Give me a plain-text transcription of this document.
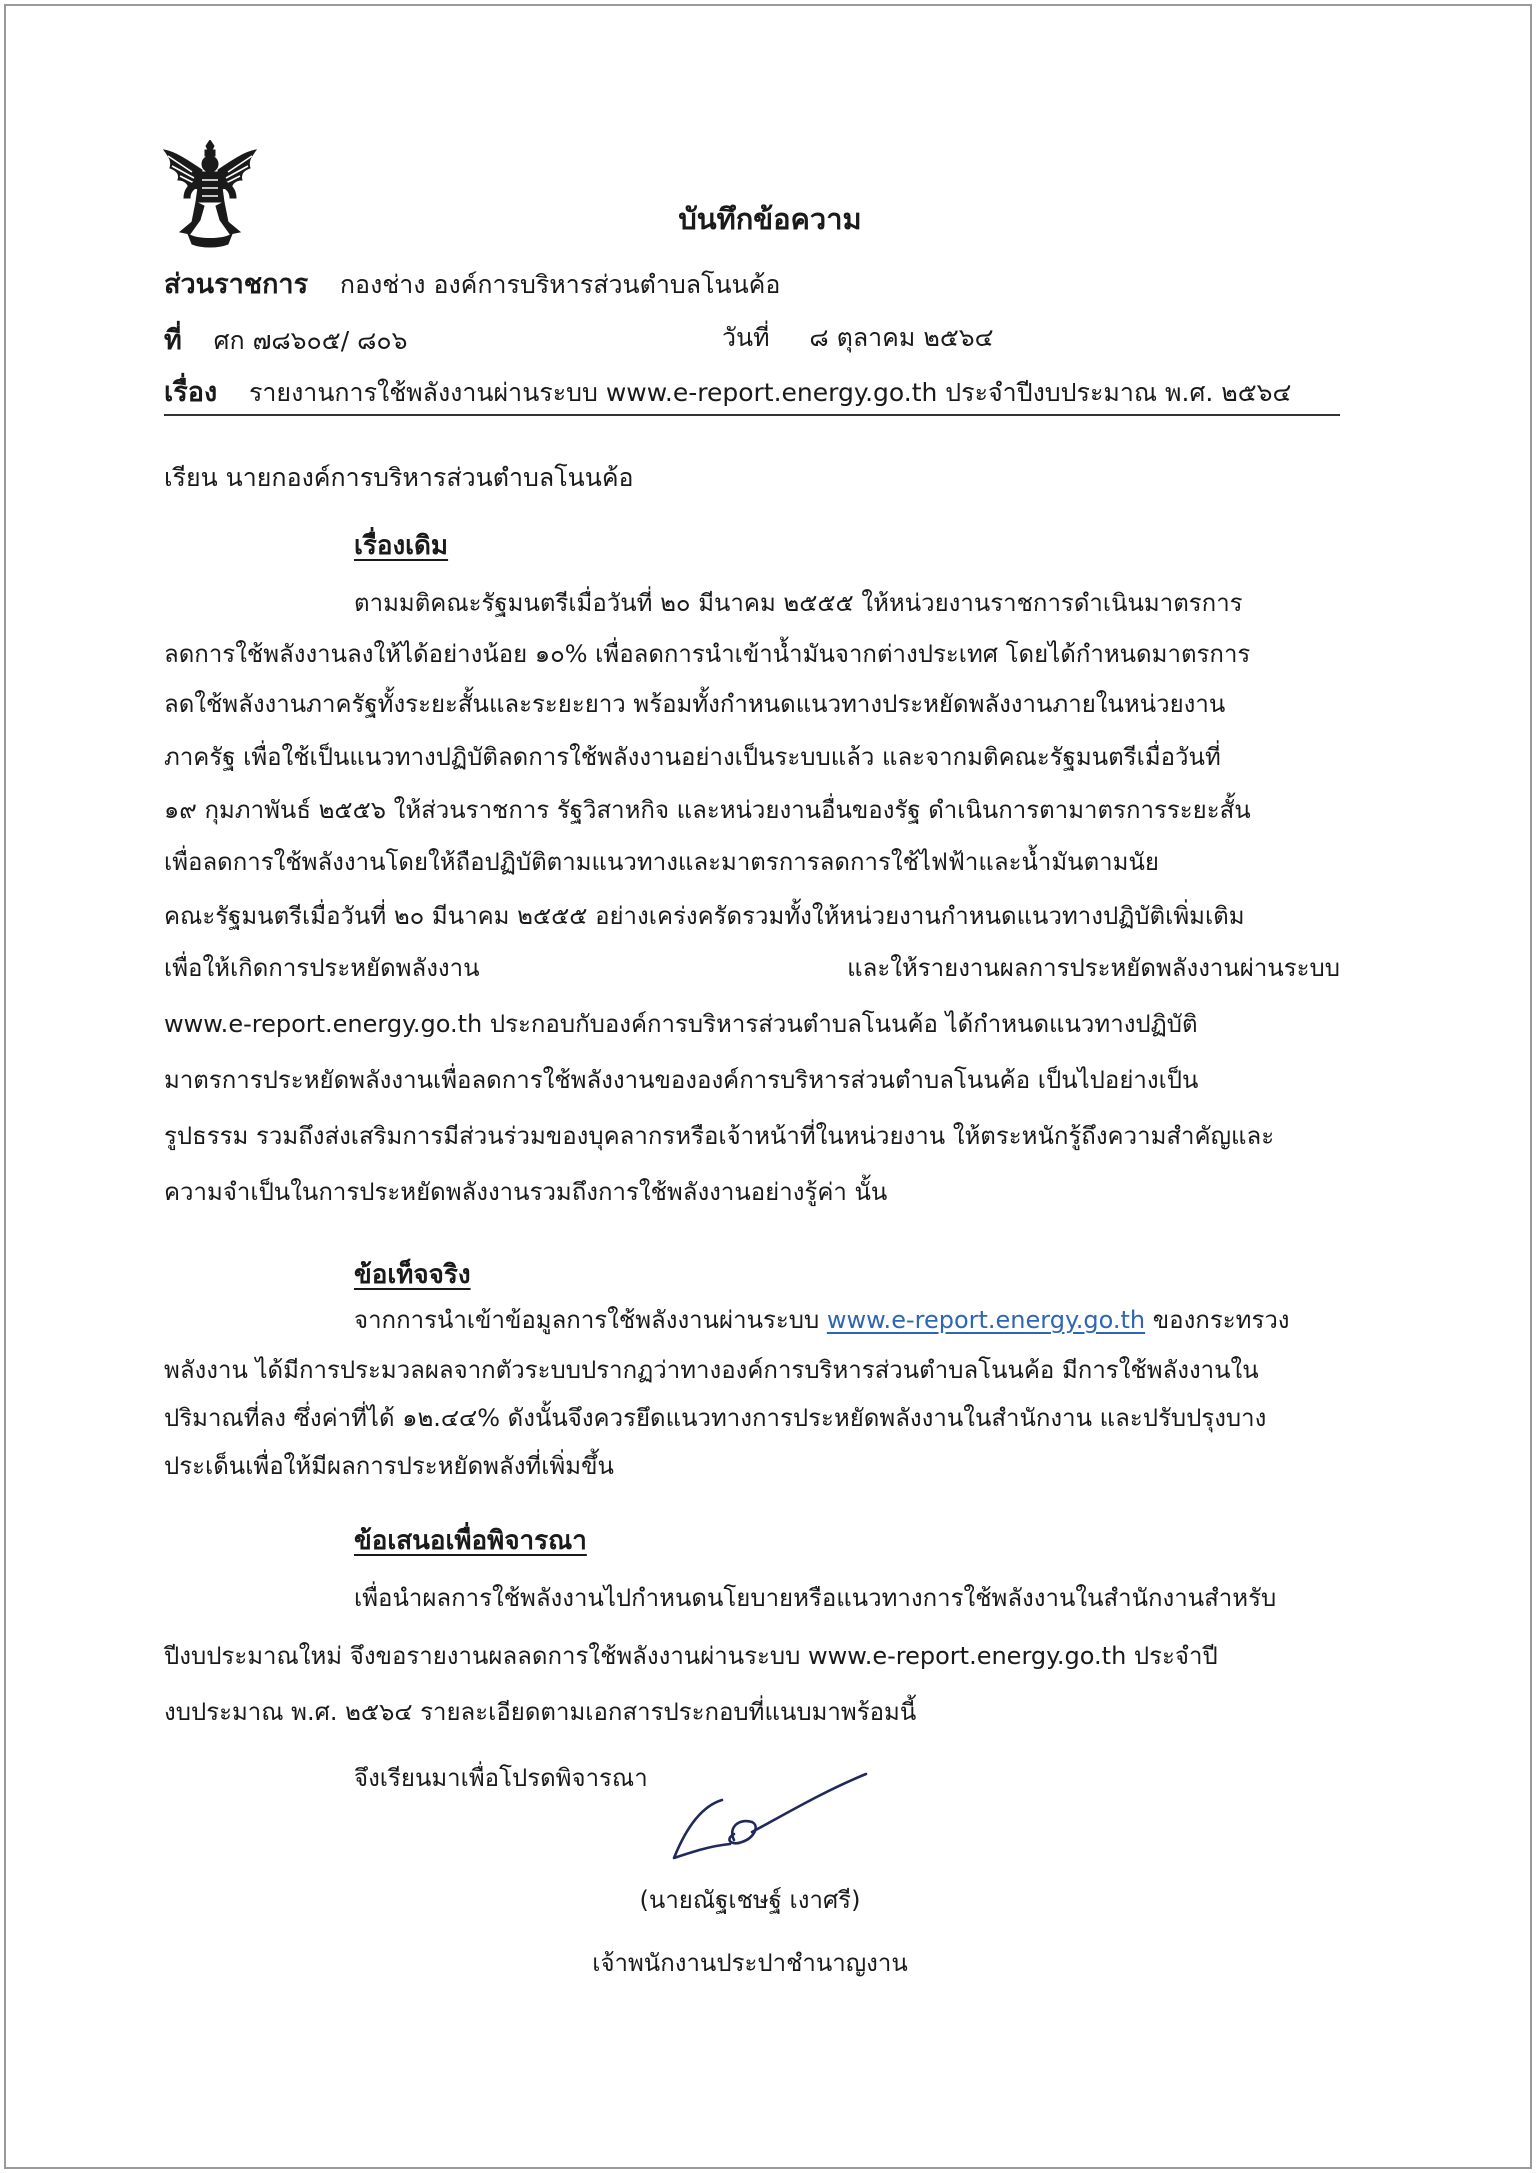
บันทึกข้อความ
ส่วนราชการ กองช่าง องค์การบริหารส่วนตำบลโนนค้อ
ที่ ศก ๗๘๖๐๕/ ๘๐๖	วันที่ ๘ ตุลาคม ๒๕๖๔
เรื่อง รายงานการใช้พลังงานผ่านระบบ www.e-report.energy.go.th ประจำปีงบประมาณ พ.ศ. ๒๕๖๔
เรียน นายกองค์การบริหารส่วนตำบลโนนค้อ
เรื่องเดิม
ตามมติคณะรัฐมนตรีเมื่อวันที่ ๒๐ มีนาคม ๒๕๕๕ ให้หน่วยงานราชการดำเนินมาตรการ
ลดการใช้พลังงานลงให้ได้อย่างน้อย ๑๐% เพื่อลดการนำเข้าน้ำมันจากต่างประเทศ โดยได้กำหนดมาตรการ
ลดใช้พลังงานภาครัฐทั้งระยะสั้นและระยะยาว พร้อมทั้งกำหนดแนวทางประหยัดพลังงานภายในหน่วยงาน
ภาครัฐ เพื่อใช้เป็นแนวทางปฏิบัติลดการใช้พลังงานอย่างเป็นระบบแล้ว และจากมติคณะรัฐมนตรีเมื่อวันที่
๑๙ กุมภาพันธ์ ๒๕๕๖ ให้ส่วนราชการ รัฐวิสาหกิจ และหน่วยงานอื่นของรัฐ ดำเนินการตามาตรการระยะสั้น
เพื่อลดการใช้พลังงานโดยให้ถือปฏิบัติตามแนวทางและมาตรการลดการใช้ไฟฟ้าและน้ำมันตามนัย
คณะรัฐมนตรีเมื่อวันที่ ๒๐ มีนาคม ๒๕๕๕ อย่างเคร่งครัดรวมทั้งให้หน่วยงานกำหนดแนวทางปฏิบัติเพิ่มเติม
เพื่อให้เกิดการประหยัดพลังงาน และให้รายงานผลการประหยัดพลังงานผ่านระบบ
www.e-report.energy.go.th ประกอบกับองค์การบริหารส่วนตำบลโนนค้อ ได้กำหนดแนวทางปฏิบัติ
มาตรการประหยัดพลังงานเพื่อลดการใช้พลังงานขององค์การบริหารส่วนตำบลโนนค้อ เป็นไปอย่างเป็น
รูปธรรม รวมถึงส่งเสริมการมีส่วนร่วมของบุคลากรหรือเจ้าหน้าที่ในหน่วยงาน ให้ตระหนักรู้ถึงความสำคัญและ
ความจำเป็นในการประหยัดพลังงานรวมถึงการใช้พลังงานอย่างรู้ค่า นั้น
ข้อเท็จจริง
จากการนำเข้าข้อมูลการใช้พลังงานผ่านระบบ www.e-report.energy.go.th ของกระทรวง
พลังงาน ได้มีการประมวลผลจากตัวระบบปรากฏว่าทางองค์การบริหารส่วนตำบลโนนค้อ มีการใช้พลังงานใน
ปริมาณที่ลง ซึ่งค่าที่ได้ ๑๒.๔๔% ดังนั้นจึงควรยึดแนวทางการประหยัดพลังงานในสำนักงาน และปรับปรุงบาง
ประเด็นเพื่อให้มีผลการประหยัดพลังที่เพิ่มขึ้น
ข้อเสนอเพื่อพิจารณา
เพื่อนำผลการใช้พลังงานไปกำหนดนโยบายหรือแนวทางการใช้พลังงานในสำนักงานสำหรับ
ปีงบประมาณใหม่ จึงขอรายงานผลลดการใช้พลังงานผ่านระบบ www.e-report.energy.go.th ประจำปี
งบประมาณ พ.ศ. ๒๕๖๔ รายละเอียดตามเอกสารประกอบที่แนบมาพร้อมนี้
จึงเรียนมาเพื่อโปรดพิจารณา
(นายณัฐเชษฐ์ เงาศรี)
เจ้าพนักงานประปาชำนาญงาน
